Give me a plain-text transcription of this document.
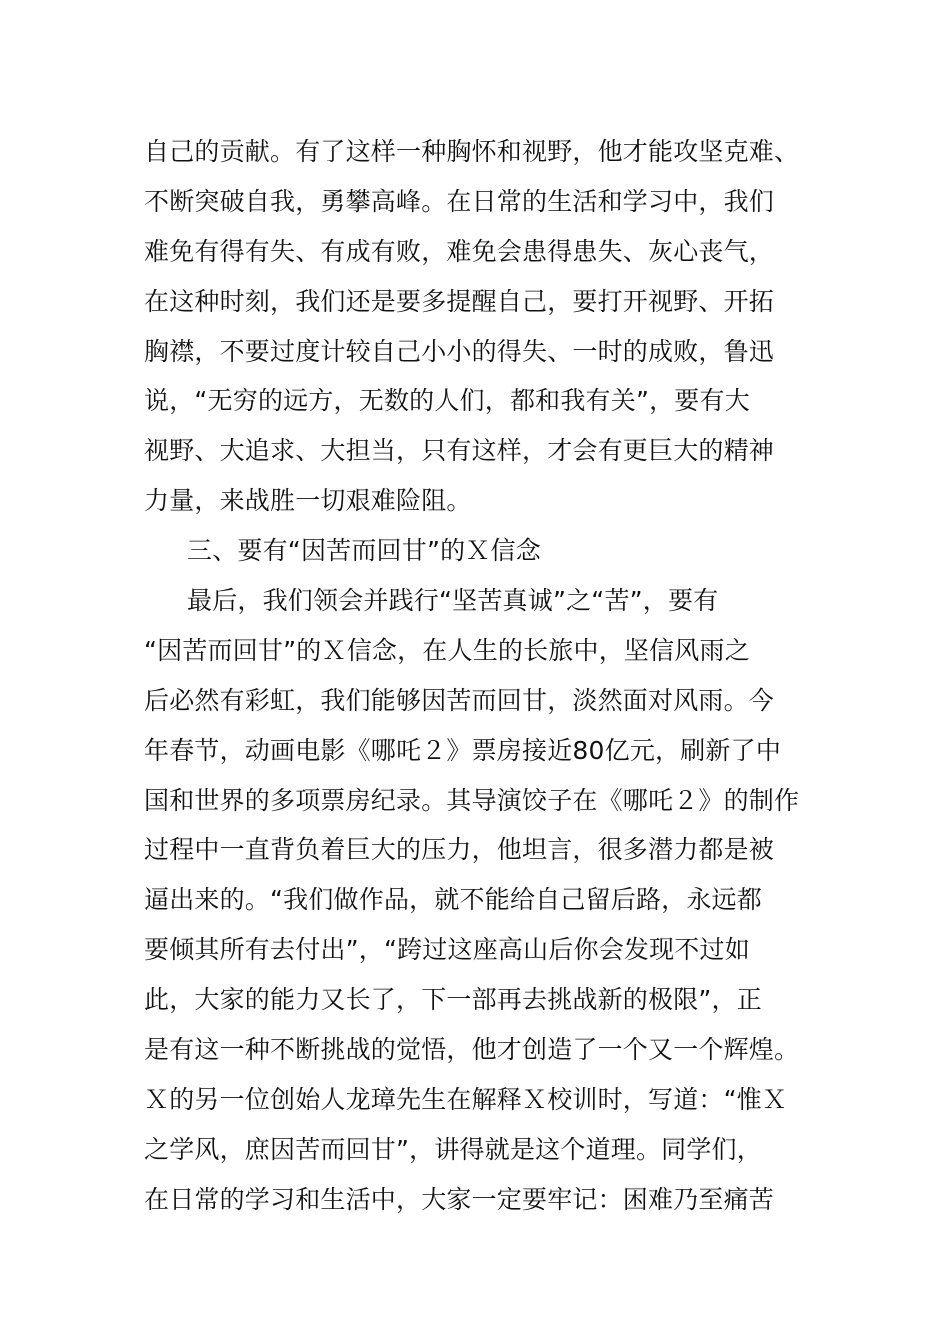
自己的贡献。有了这样一种胸怀和视野，他才能攻坚克难、
不断突破自我，勇攀高峰。在日常的生活和学习中，我们
难免有得有失、有成有败，难免会患得患失、灰心丧气，
在这种时刻，我们还是要多提醒自己，要打开视野、开拓
胸襟，不要过度计较自己小小的得失、一时的成败，鲁迅
说，“无穷的远方，无数的人们，都和我有关”，要有大
视野、大追求、大担当，只有这样，才会有更巨大的精神
力量，来战胜一切艰难险阻。
三、要有“因苦而回甘”的Ｘ信念
最后，我们领会并践行“坚苦真诚”之“苦”，要有
“因苦而回甘”的Ｘ信念，在人生的长旅中，坚信风雨之
后必然有彩虹，我们能够因苦而回甘，淡然面对风雨。今
年春节，动画电影《哪吒２》票房接近80亿元，刷新了中
国和世界的多项票房纪录。其导演饺子在《哪吒２》的制作
过程中一直背负着巨大的压力，他坦言，很多潜力都是被
逼出来的。“我们做作品，就不能给自己留后路，永远都
要倾其所有去付出”，“跨过这座高山后你会发现不过如
此，大家的能力又长了，下一部再去挑战新的极限”，正
是有这一种不断挑战的觉悟，他才创造了一个又一个辉煌。
Ｘ的另一位创始人龙璋先生在解释Ｘ校训时，写道：“惟Ｘ
之学风，庶因苦而回甘”，讲得就是这个道理。同学们，
在日常的学习和生活中，大家一定要牢记：困难乃至痛苦
